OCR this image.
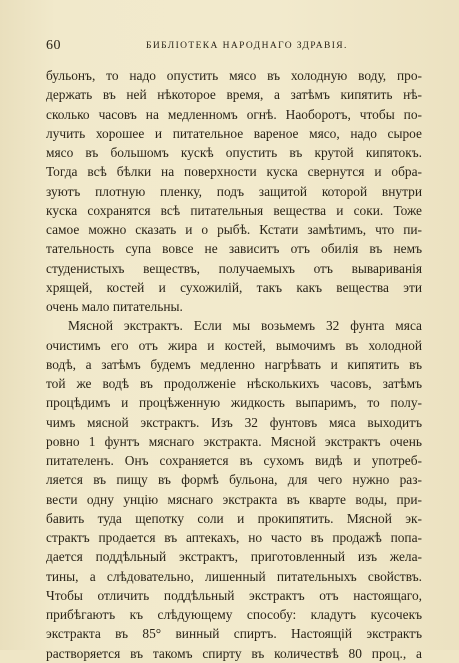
60	БИБЛІОТЕКА НАРОДНАГО ЗДРАВІЯ.
бульонъ, то надо опустить мясо въ холодную воду, про-
держать въ ней нѣкоторое время, а затѣмъ кипятить нѣ-
сколько часовъ на медленномъ огнѣ. Наоборотъ, чтобы по-
лучить хорошее и питательное вареное мясо, надо сырое
мясо въ большомъ кускѣ опустить въ крутой кипятокъ.
Тогда всѣ бѣлки на поверхности куска свернутся и обра-
зуютъ плотную пленку, подъ защитой которой внутри
куска сохранятся всѣ питательныя вещества и соки. Тоже
самое можно сказать и о рыбѣ. Кстати замѣтимъ, что пи-
тательность супа вовсе не зависитъ отъ обилія въ немъ
студенистыхъ веществъ, получаемыхъ отъ вывариванія
хрящей, костей и сухожилій, такъ какъ вещества эти
очень мало питательны.
Мясной экстрактъ. Если мы возьмемъ 32 фунта мяса
очистимъ его отъ жира и костей, вымочимъ въ холодной
водѣ, а затѣмъ будемъ медленно нагрѣвать и кипятить въ
той же водѣ въ продолженіе нѣсколькихъ часовъ, затѣмъ
процѣдимъ и процѣженную жидкость выпаримъ, то полу-
чимъ мясной экстрактъ. Изъ 32 фунтовъ мяса выходитъ
ровно 1 фунтъ мяснаго экстракта. Мясной экстрактъ очень
питателенъ. Онъ сохраняется въ сухомъ видѣ и употреб-
ляется въ пищу въ формѣ бульона, для чего нужно раз-
вести одну унцію мяснаго экстракта въ кварте воды, при-
бавить туда щепотку соли и прокипятить. Мясной эк-
страктъ продается въ аптекахъ, но часто въ продажѣ попа-
дается поддѣльный экстрактъ, приготовленный изъ жела-
тины, а слѣдовательно, лишенный питательныхъ свойствъ.
Чтобы отличить поддѣльный экстрактъ отъ настоящаго,
прибѣгаютъ къ слѣдующему способу: кладутъ кусочекъ
экстракта въ 85° винный спиртъ. Настоящій экстрактъ
растворяется въ такомъ спирту въ количествѣ 80 проц., а
